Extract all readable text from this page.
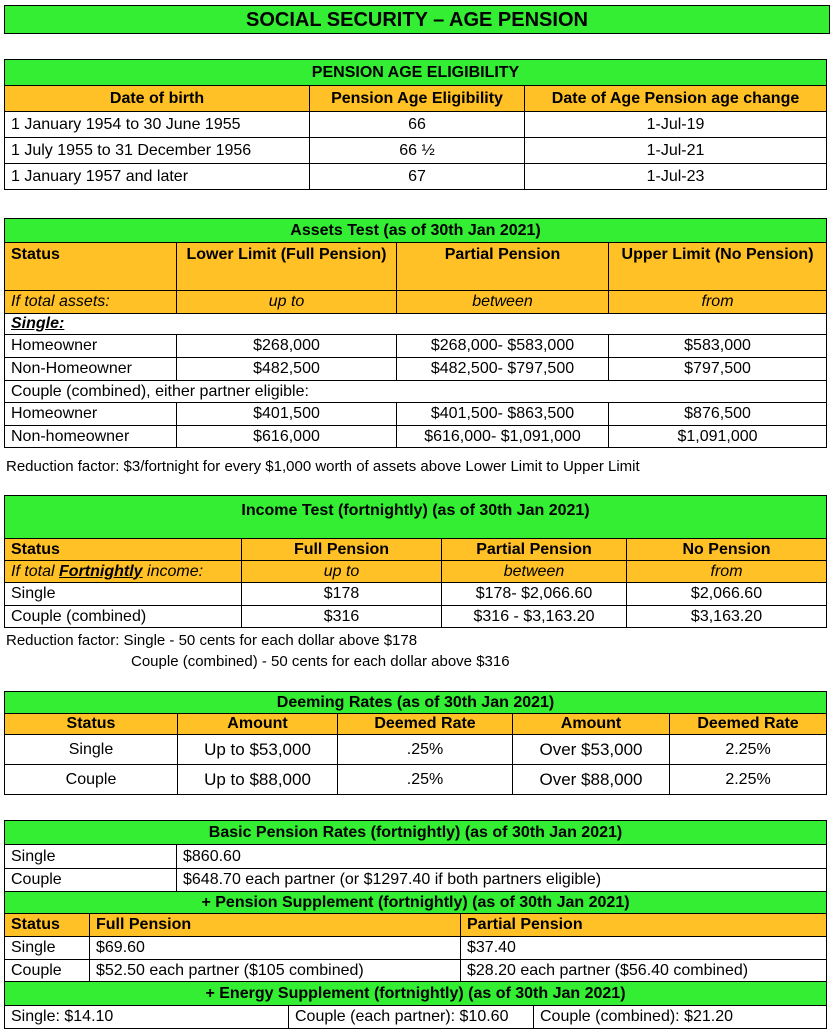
SOCIAL SECURITY – AGE PENSION
PENSION AGE ELIGIBILITY		
Date of birth	Pension Age Eligibility	Date of Age Pension age change
1 January 1954 to 30 June 1955	66	1-Jul-19
1 July 1955 to 31 December 1956	66 ½	1-Jul-21
1 January 1957 and later	67	1-Jul-23
Assets Test (as of 30th Jan 2021)			
Status	Lower Limit (Full Pension)	Partial Pension	Upper Limit (No Pension)
If total assets:	up to	between	from
Single:			
Homeowner	$268,000	$268,000- $583,000	$583,000
Non-Homeowner	$482,500	$482,500- $797,500	$797,500
Couple (combined), either partner eligible:			
Homeowner	$401,500	$401,500- $863,500	$876,500
Non-homeowner	$616,000	$616,000- $1,091,000	$1,091,000
Reduction factor: $3/fortnight for every $1,000 worth of assets above Lower Limit to Upper Limit
Income Test (fortnightly) (as of 30th Jan 2021)			
Status	Full Pension	Partial Pension	No Pension
If total Fortnightly income:	up to	between	from
Single	$178	$178- $2,066.60	$2,066.60
Couple (combined)	$316	$316 - $3,163.20	$3,163.20
Reduction factor: Single - 50 cents for each dollar above $178
Couple (combined) - 50 cents for each dollar above $316
Deeming Rates (as of 30th Jan 2021)				
Status	Amount	Deemed Rate	Amount	Deemed Rate
Single	Up to $53,000	.25%	Over $53,000	2.25%
Couple	Up to $88,000	.25%	Over $88,000	2.25%
Basic Pension Rates (fortnightly) (as of 30th Jan 2021)	
Single	$860.60
Couple	$648.70 each partner (or $1297.40 if both partners eligible)
+ Pension Supplement (fortnightly) (as of 30th Jan 2021)		
Status	Full Pension	Partial Pension
Single	$69.60	$37.40
Couple	$52.50 each partner ($105 combined)	$28.20 each partner ($56.40 combined)
+ Energy Supplement (fortnightly) (as of 30th Jan 2021)
Single: $14.10	Couple (each partner): $10.60	Couple (combined): $21.20
